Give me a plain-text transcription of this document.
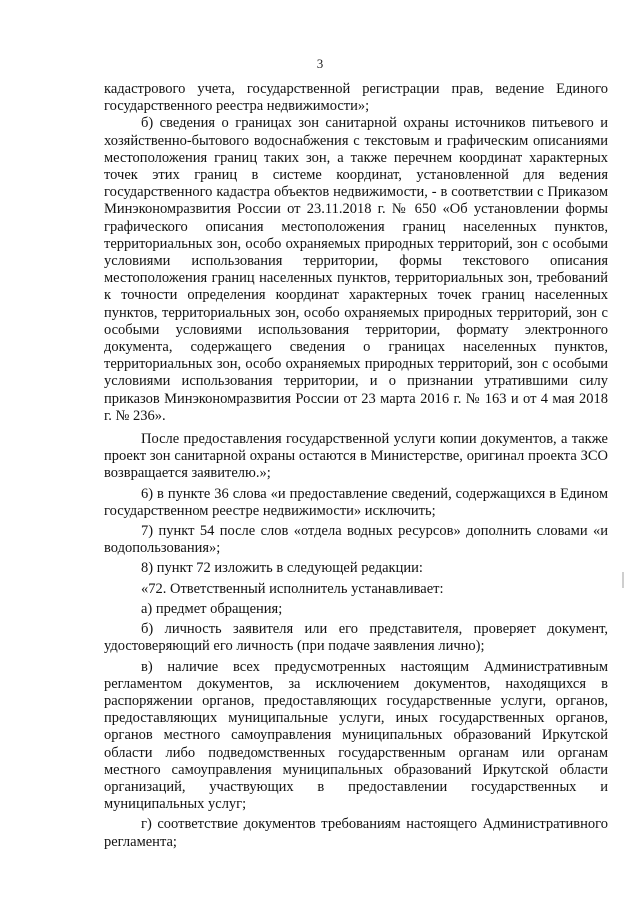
3

кадастрового учета, государственной регистрации прав, ведение Единого государственного реестра недвижимости»;

б) сведения о границах зон санитарной охраны источников питьевого и хозяйственно-бытового водоснабжения с текстовым и графическим описаниями местоположения границ таких зон, а также перечнем координат характерных точек этих границ в системе координат, установленной для ведения государственного кадастра объектов недвижимости, - в соответствии с Приказом Минэкономразвития России от 23.11.2018 г. № 650 «Об установлении формы графического описания местоположения границ населенных пунктов, территориальных зон, особо охраняемых природных территорий, зон с особыми условиями использования территории, формы текстового описания местоположения границ населенных пунктов, территориальных зон, требований к точности определения координат характерных точек границ населенных пунктов, территориальных зон, особо охраняемых природных территорий, зон с особыми условиями использования территории, формату электронного документа, содержащего сведения о границах населенных пунктов, территориальных зон, особо охраняемых природных территорий, зон с особыми условиями использования территории, и о признании утратившими силу приказов Минэкономразвития России от 23 марта 2016 г. № 163 и от 4 мая 2018 г. № 236».

После предоставления государственной услуги копии документов, а также проект зон санитарной охраны остаются в Министерстве, оригинал проекта ЗСО возвращается заявителю.»;

6) в пункте 36 слова «и предоставление сведений, содержащихся в Едином государственном реестре недвижимости» исключить;

7) пункт 54 после слов «отдела водных ресурсов» дополнить словами «и водопользования»;

8) пункт 72 изложить в следующей редакции:

«72. Ответственный исполнитель устанавливает:

а) предмет обращения;

б) личность заявителя или его представителя, проверяет документ, удостоверяющий его личность (при подаче заявления лично);

в) наличие всех предусмотренных настоящим Административным регламентом документов, за исключением документов, находящихся в распоряжении органов, предоставляющих государственные услуги, органов, предоставляющих муниципальные услуги, иных государственных органов, органов местного самоуправления муниципальных образований Иркутской области либо подведомственных государственным органам или органам местного самоуправления муниципальных образований Иркутской области организаций, участвующих в предоставлении государственных и муниципальных услуг;

г) соответствие документов требованиям настоящего Административного регламента;
